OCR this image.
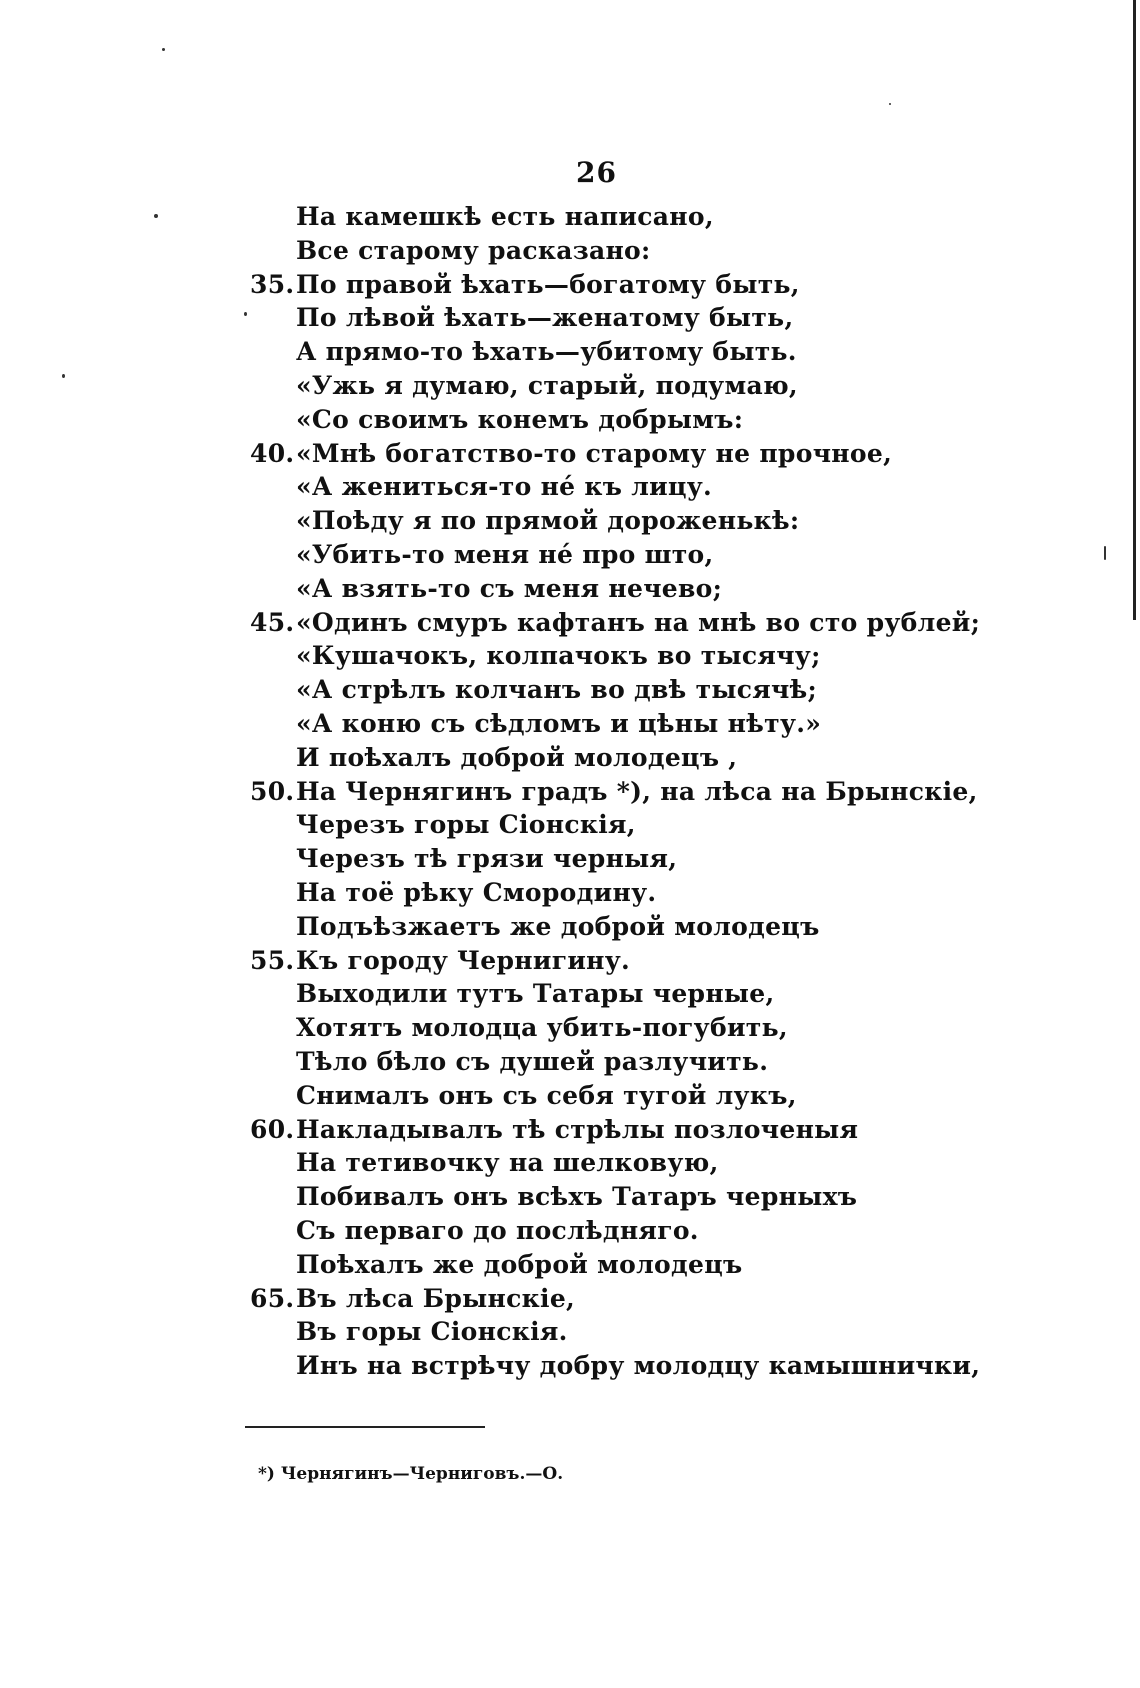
26
На камешкѣ есть написано,
Все старому расказано:
35. По правой ѣхать—богатому быть,
По лѣвой ѣхать—женатому быть,
А прямо-то ѣхать—убитому быть.
«Ужь я думаю, старый, подумаю,
«Со своимъ конемъ добрымъ:
40. «Мнѣ богатство-то старому не прочное,
«А жениться-то нé къ лицу.
«Поѣду я по прямой дороженькѣ:
«Убить-то меня нé про што,
«А взять-то съ меня нечево;
45. «Одинъ смуръ кафтанъ на мнѣ во сто рублей;
«Кушачокъ, колпачокъ во тысячу;
«А стрѣлъ колчанъ во двѣ тысячѣ;
«А коню съ сѣдломъ и цѣны нѣту.»
И поѣхалъ доброй молодецъ ,
50. На Чернягинъ градъ *), на лѣса на Брынскіе,
Черезъ горы Сіонскія,
Черезъ тѣ грязи черныя,
На тоё рѣку Смородину.
Подъѣзжаетъ же доброй молодецъ
55. Къ городу Чернигину.
Выходили тутъ Татары черные,
Хотятъ молодца убить-погубить,
Тѣло бѣло съ душей разлучить.
Снималъ онъ съ себя тугой лукъ,
60. Накладывалъ тѣ стрѣлы позлоченыя
На тетивочку на шелковую,
Побивалъ онъ всѣхъ Татаръ черныхъ
Съ перваго до послѣдняго.
Поѣхалъ же доброй молодецъ
65. Въ лѣса Брынскіе,
Въ горы Сіонскія.
Инъ на встрѣчу добру молодцу камышнички,
*) Чернягинъ—Черниговъ.—О.
